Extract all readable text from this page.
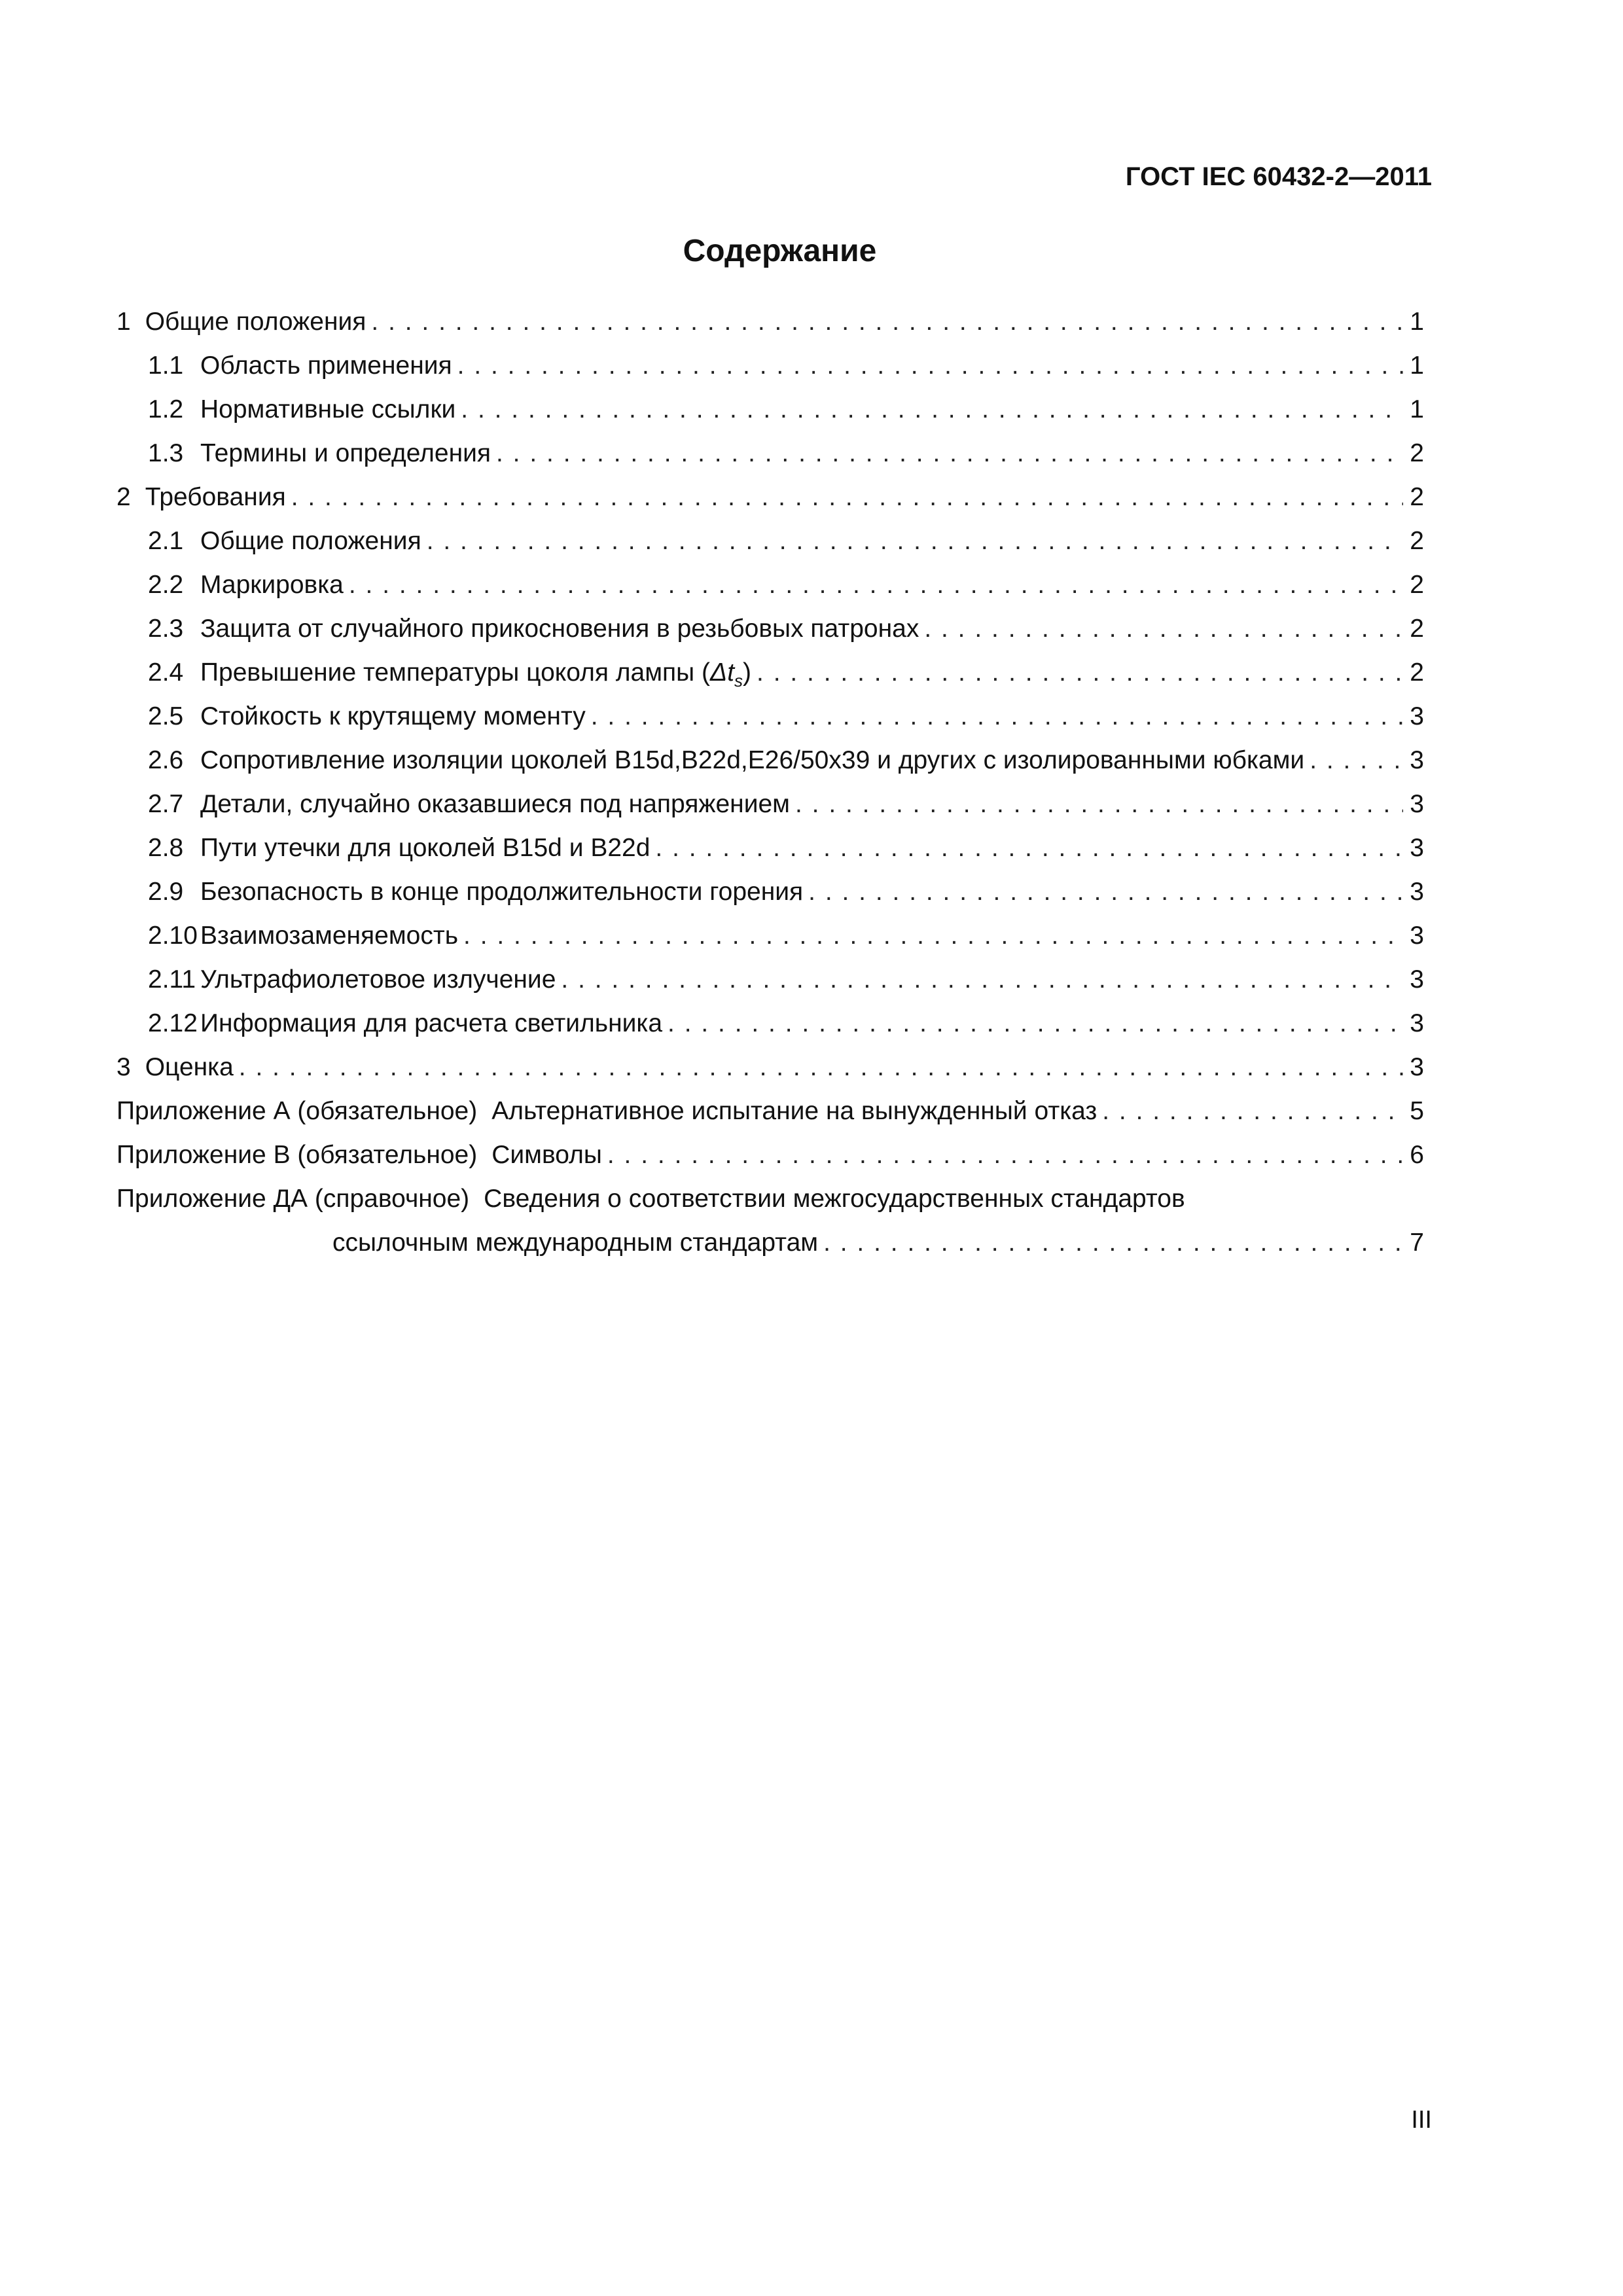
ГОСТ IEC 60432-2—2011
Содержание
1 Общие положения . . .	1
1.1 Область применения . . .	1
1.2 Нормативные ссылки . . .	1
1.3 Термины и определения . . .	2
2 Требования . . .	2
2.1 Общие положения . . .	2
2.2 Маркировка . . .	2
2.3 Защита от случайного прикосновения в резьбовых патронах . . .	2
2.4 Превышение температуры цоколя лампы $(\Delta t_s)$ . . .	2
2.5 Стойкость к крутящему моменту . . .	3
2.6 Сопротивление изоляции цоколей B15d,B22d,E26/50x39 и других с изолированными юбками . . .	3
2.7 Детали, случайно оказавшиеся под напряжением . . .	3
2.8 Пути утечки для цоколей B15d и B22d . . .	3
2.9 Безопасность в конце продолжительности горения . . .	3
2.10 Взаимозаменяемость . . .	3
2.11 Ультрафиолетовое излучение . . .	3
2.12 Информация для расчета светильника . . .	3
3 Оценка . . .	3
Приложение А (обязательное) Альтернативное испытание на вынужденный отказ . . .	5
Приложение В (обязательное) Символы . . .	6
Приложение ДА (справочное) Сведения о соответствии межгосударственных стандартов
ссылочным международным стандартам . . .	7
III
